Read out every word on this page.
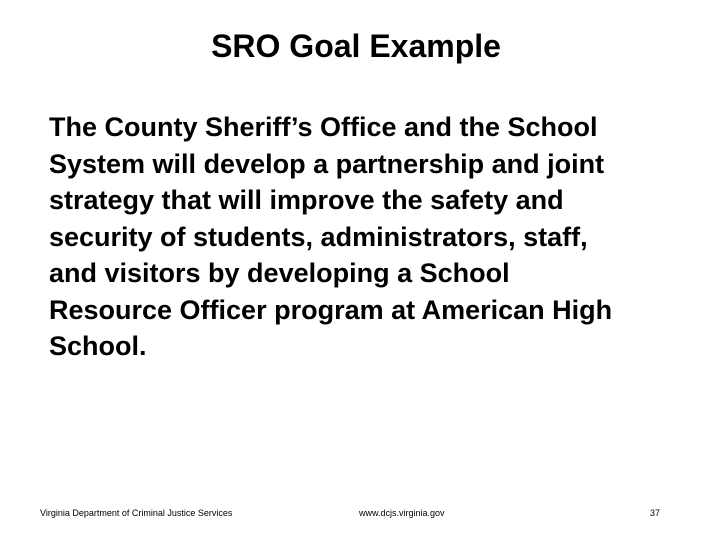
SRO Goal Example
The County Sheriff’s Office and the School
System will develop a partnership and joint
strategy that will improve the safety and
security of students, administrators, staff,
and visitors by developing a School
Resource Officer program at American High
School.
Virginia Department of Criminal Justice Services	www.dcjs.virginia.gov	37
